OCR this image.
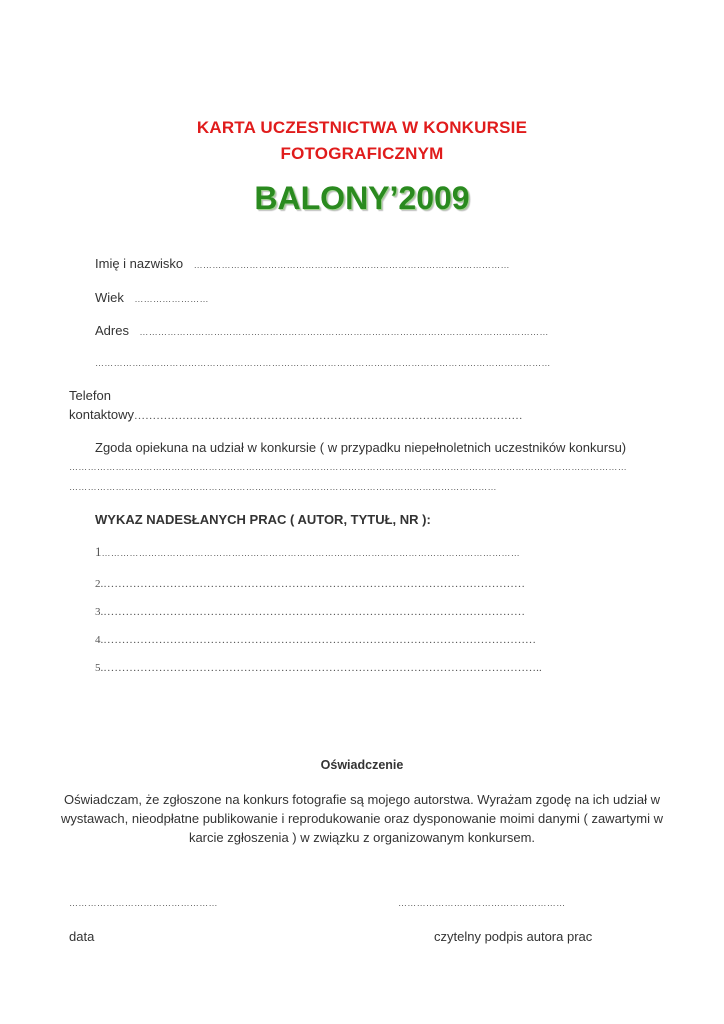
KARTA UCZESTNICTWA W KONKURSIE
FOTOGRAFICZNYM
BALONY’2009
Imię i nazwisko …………………………………………………………………………………………
Wiek ……………………
Adres ……………………………………………………………………………………………………………………
…………………………………………………………………………………………………………………………………
Telefon
kontaktowy……………………………………………………………………………………………
Zgoda opiekuna na udział w konkursie ( w przypadku niepełnoletnich uczestników konkursu)
………………………………………………………………………………………………………………………………………………………………
…………………………………………………………………………………………………………………………
WYKAZ NADESŁANYCH PRAC ( AUTOR, TYTUŁ, NR ):
1………………………………………………………………………………………………………………………
2.……………………………………………………………………………………………………
3.……………………………………………………………………………………………………
4.………………………………………………………………………………………………………
5.………………………………………………………………………………………………………..
Oświadczenie
Oświadczam, że zgłoszone na konkurs fotografie są mojego autorstwa. Wyrażam zgodę na ich udział w wystawach, nieodpłatne publikowanie i reprodukowanie oraz dysponowanie moimi danymi ( zawartymi w karcie zgłoszenia ) w związku z organizowanym konkursem.
…………………………………………	………………………………………………
data	czytelny podpis autora prac
